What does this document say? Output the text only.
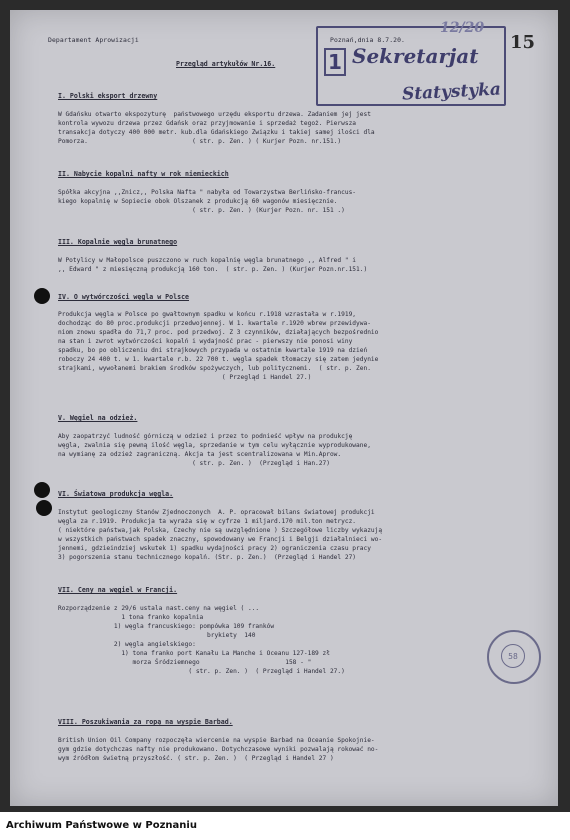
Departament Aprowizacji	Poznań,dnia 8.7.20.
Przegląd artykułów Nr.16.	1 Sekretarjat
Statystyka
12/20
15
I. Polski eksport drzewny
W Gdańsku otwarto ekspozyturę  państwowego urzędu eksportu drzewa. Zadaniem jej jest
kontrola wywozu drzewa przez Gdańsk oraz przyjmowanie i sprzedaż tegoż. Pierwsza
transakcja dotyczy 400 000 metr. kub.dla Gdańskiego Związku i takiej samej ilości dla
Pomorza.                            ( str. p. Zen. ) ( Kurjer Pozn. nr.151.)
II. Nabycie kopalni nafty w rok niemieckich
Spółka akcyjna ,,Znicz,, Polska Nafta " nabyła od Towarzystwa Berlińsko-francus-
kiego kopalnię w Sopiecie obok Olszanek z produkcją 60 wagonów miesięcznie.
( str. p. Zen. ) (Kurjer Pozn. nr. 151 .)
III. Kopalnie węgla brunatnego
W Potylicy w Małopolsce puszczono w ruch kopalnię węgla brunatnego ,, Alfred " i
,, Edward " z miesięczną produkcją 160 ton.  ( str. p. Zen. ) (Kurjer Pozn.nr.151.)
IV. O wytwórczości węgla w Polsce
Produkcja węgla w Polsce po gwałtownym spadku w końcu r.1918 wzrastała w r.1919,
dochodząc do 80 proc.produkcji przedwojennej. W 1. kwartale r.1920 wbrew przewidywa-
niom znowu spadła do 71,7 proc. pod przedwoj. Z 3 czynników, działających bezpośrednio
na stan i zwrot wytwórczości kopalń i wydajność prac - pierwszy nie ponosi winy
spadku, bo po obliczeniu dni strajkowych przypada w ostatnim kwartale 1919 na dzień
roboczy 24 400 t. w 1. kwartale r.b. 22 700 t. węgla spadek tłomaczy się zatem jedynie
strajkami, wywołanemi brakiem środków spożywczych, lub politycznemi.  ( str. p. Zen.
( Przegląd i Handel 27.)
V. Węgiel na odzież.
Aby zaopatrzyć ludność górniczą w odzież i przez to podnieść wpływ na produkcję
węgla, zwalnia się pewną ilość węgla, sprzedanie w tym celu wyłącznie wyprodukowane,
na wymianę za odzież zagraniczną. Akcja ta jest scentralizowana w Min.Aprow.
( str. p. Zen. )  (Przegląd i Han.27)
VI. Światowa produkcja węgla.
Instytut geologiczny Stanów Zjednoczonych  A. P. opracował bilans światowej produkcji
węgla za r.1919. Produkcja ta wyraża się w cyfrze 1 miljard.170 mil.ton metrycz.
( niektóre państwa,jak Polska, Czechy nie są uwzględnione ) Szczegółowe liczby wykazują
w wszystkich państwach spadek znaczny, spowodowany we Francji i Belgji działalnieci wo-
jennemi, gdzieindziej wskutek 1) spadku wydajności pracy 2) ograniczenia czasu pracy
3) pogorszenia stanu technicznego kopalń. (Str. p. Zen.)  (Przegląd i Handel 27)
VII. Ceny na węgiel w Francji.
Rozporządzenie z 29/6 ustala nast.ceny na węgiel ( ...
1 tona franko kopalnia
1) węgla francuskiego: pompówka 109 franków
brykiety  140
2) węgla angielskiego:
1) tona franko port Kanału La Manche i Oceanu 127-189 zł
morza Śródziemnego                       158 - "
( str. p. Zen. )  ( Przegląd i Handel 27.)
58
VIII. Poszukiwania za ropą na wyspie Barbad.
British Union Oil Company rozpoczęła wiercenie na wyspie Barbad na Oceanie Spokojnie-
gym gdzie dotychczas nafty nie produkowano. Dotychczasowe wyniki pozwalają rokować no-
wym źródłom świetną przyszłość. ( str. p. Zen. )  ( Przegląd i Handel 27 )
Archiwum Państwowe w Poznaniu
